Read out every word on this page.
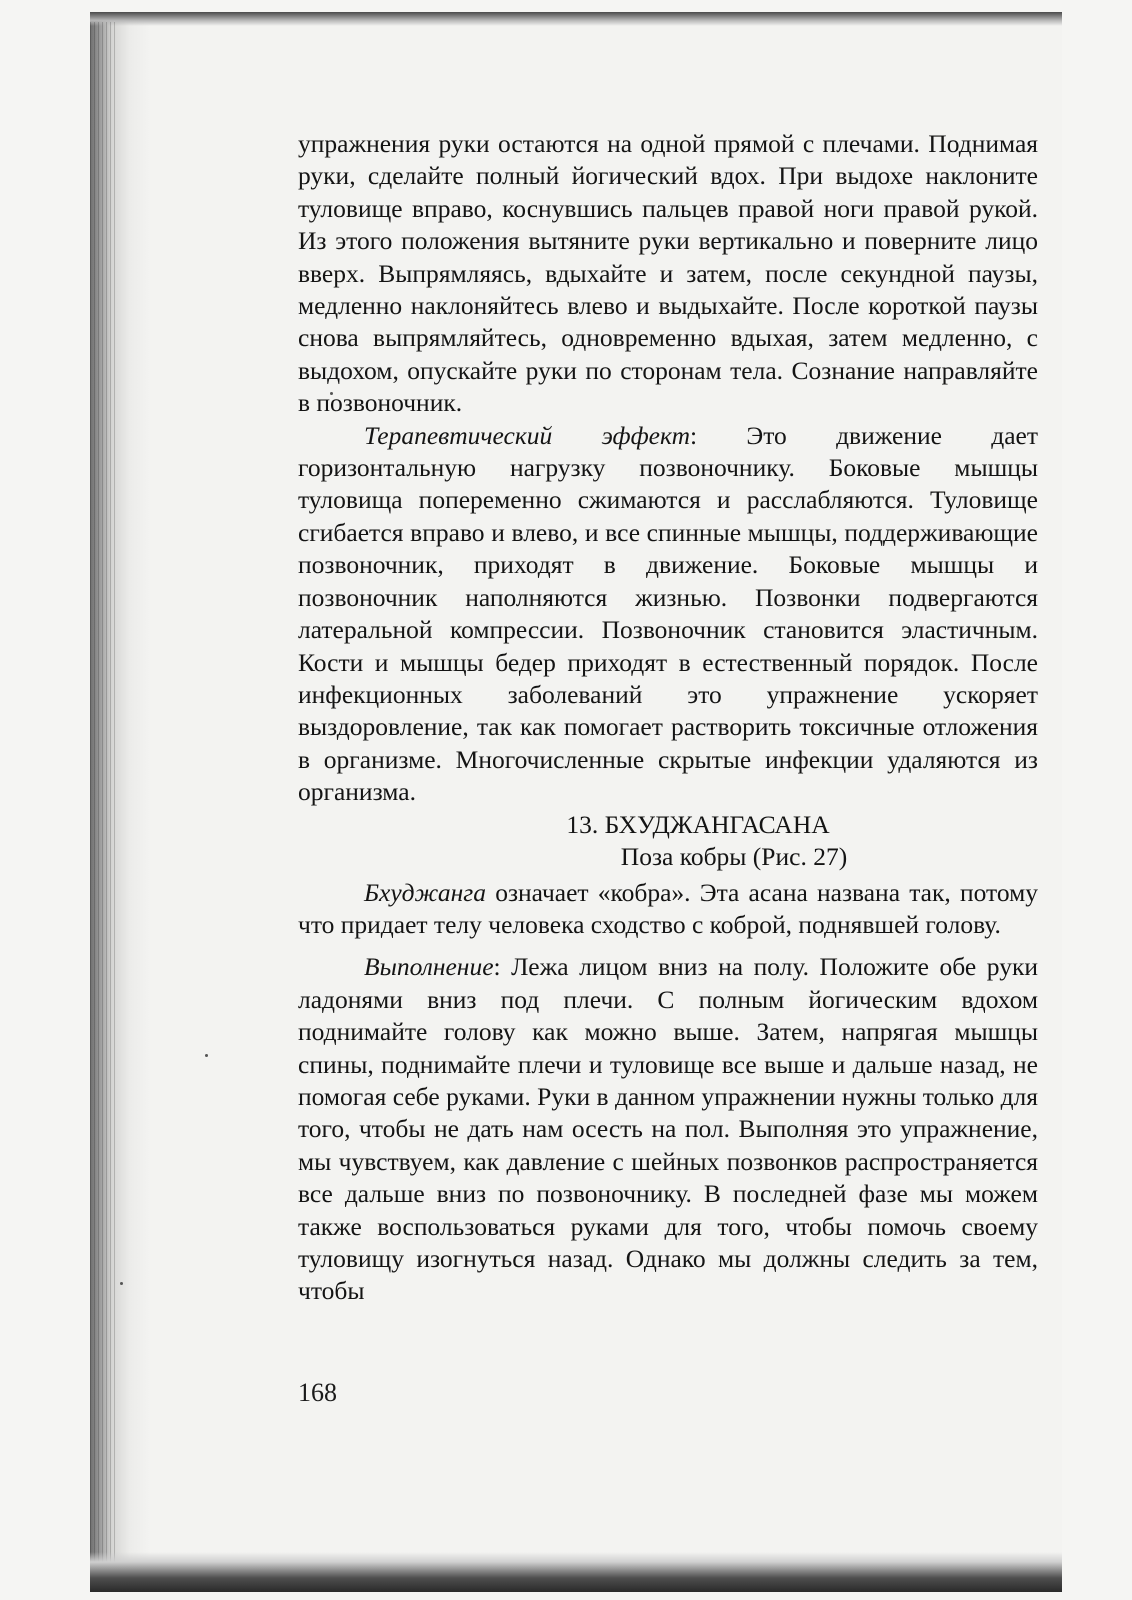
упражнения руки остаются на одной прямой с плечами. Поднимая руки, сделайте полный йогический вдох. При выдохе наклоните туловище вправо, коснувшись пальцев правой ноги правой рукой. Из этого положения вытяните руки вертикально и поверните лицо вверх. Выпрямляясь, вдыхайте и затем, после секундной паузы, медленно наклоняйтесь влево и выдыхайте. После короткой паузы снова выпрямляйтесь, одновременно вдыхая, затем медленно, с выдохом, опускайте руки по сторонам тела. Сознание направляйте в позвоночник.

Терапевтический эффект: Это движение дает горизонтальную нагрузку позвоночнику. Боковые мышцы туловища попеременно сжимаются и расслабляются. Туловище сгибается вправо и влево, и все спинные мышцы, поддерживающие позвоночник, приходят в движение. Боковые мышцы и позвоночник наполняются жизнью. Позвонки подвергаются латеральной компрессии. Позвоночник становится эластичным. Кости и мышцы бедер приходят в естественный порядок. После инфекционных заболеваний это упражнение ускоряет выздоровление, так как помогает растворить токсичные отложения в организме. Многочисленные скрытые инфекции удаляются из организма.

13. БХУДЖАНГАСАНА

Поза кобры (Рис. 27)

Бхуджанга означает «кобра». Эта асана названа так, потому что придает телу человека сходство с коброй, поднявшей голову.

Выполнение: Лежа лицом вниз на полу. Положите обе руки ладонями вниз под плечи. С полным йогическим вдохом поднимайте голову как можно выше. Затем, напрягая мышцы спины, поднимайте плечи и туловище все выше и дальше назад, не помогая себе руками. Руки в данном упражнении нужны только для того, чтобы не дать нам осесть на пол. Выполняя это упражнение, мы чувствуем, как давление с шейных позвонков распространяется все дальше вниз по позвоночнику. В последней фазе мы можем также воспользоваться руками для того, чтобы помочь своему туловищу изогнуться назад. Однако мы должны следить за тем, чтобы

168
